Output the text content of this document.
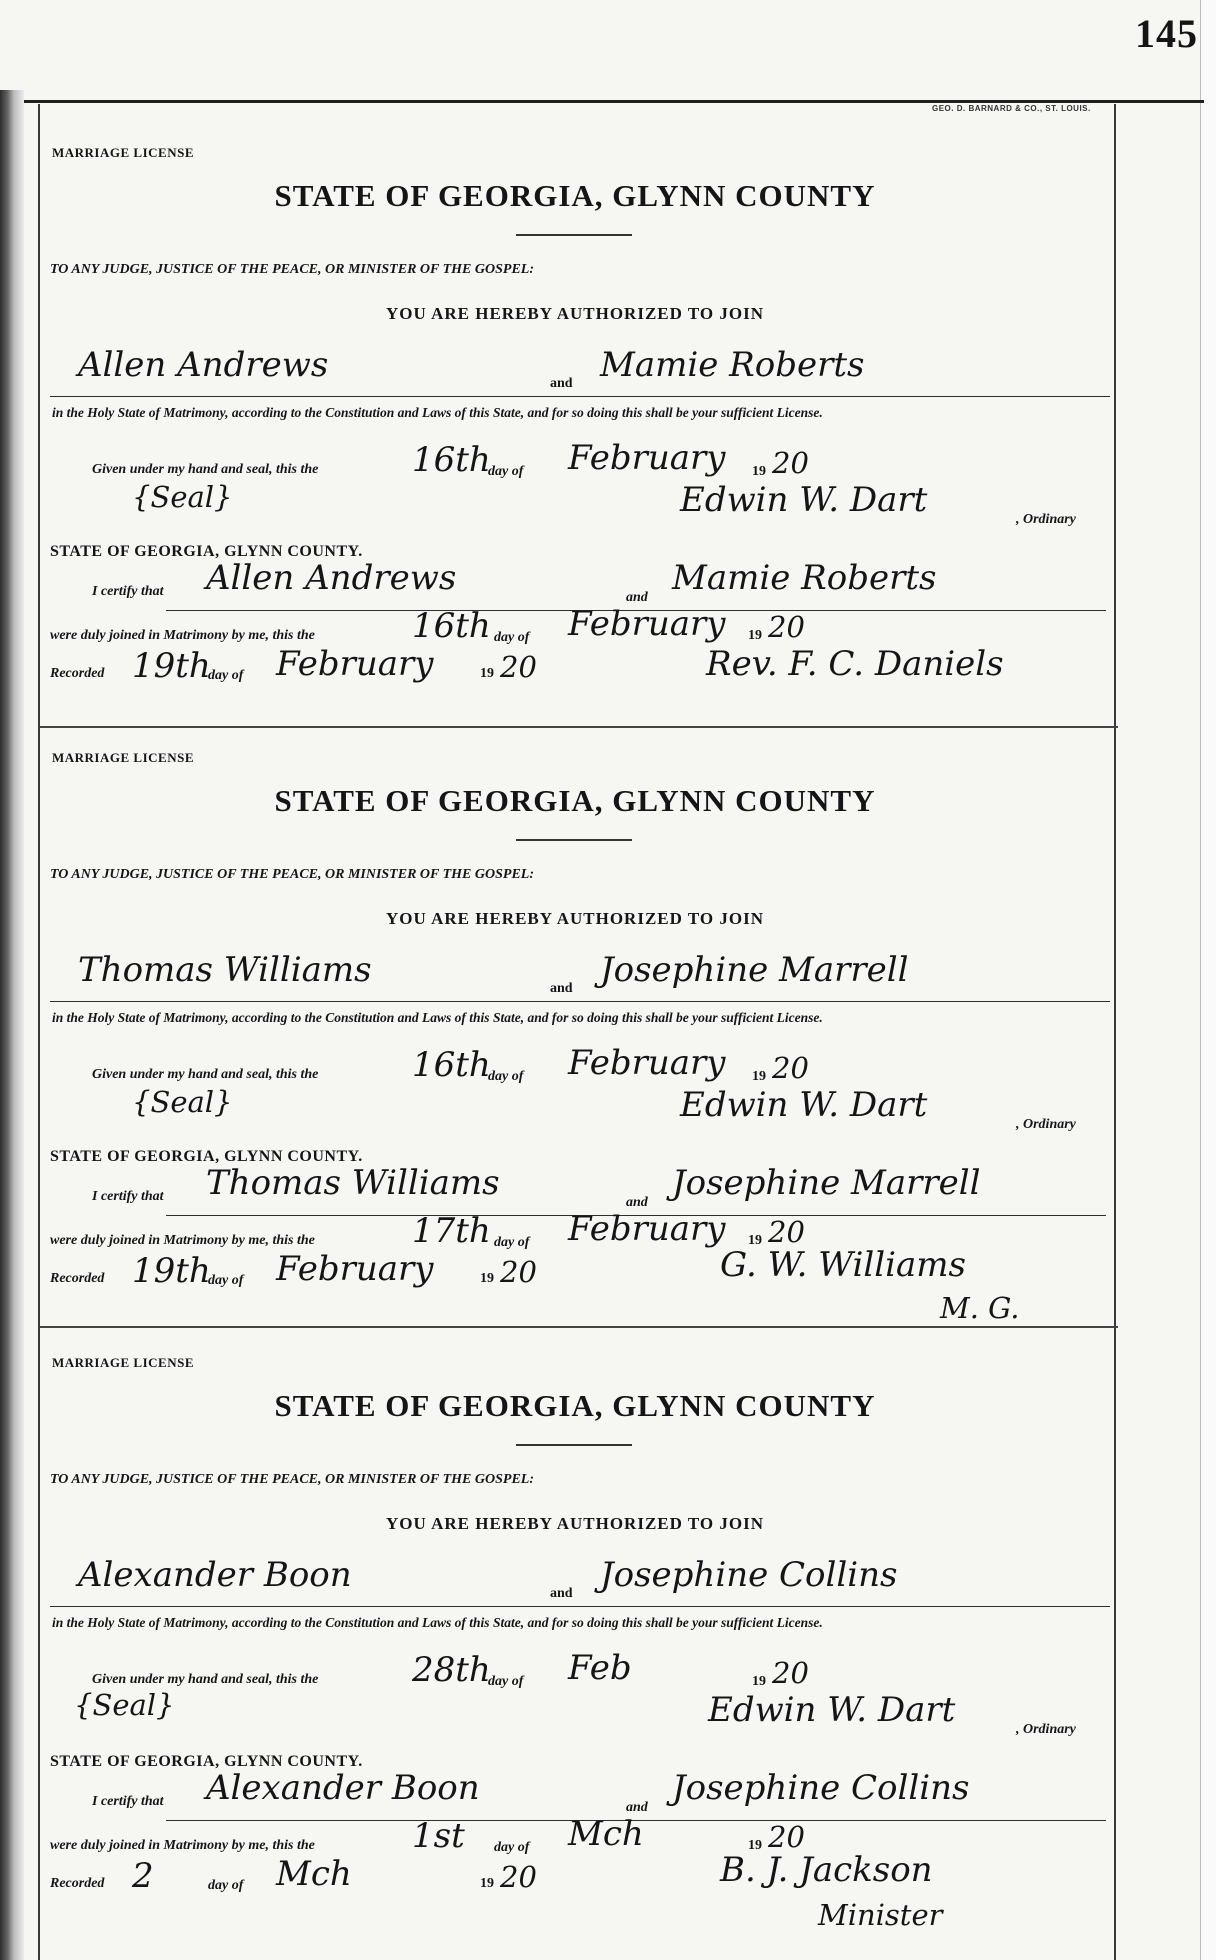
145
GEO. D. BARNARD & CO., ST. LOUIS.
MARRIAGE LICENSE
STATE OF GEORGIA, GLYNN COUNTY
TO ANY JUDGE, JUSTICE OF THE PEACE, OR MINISTER OF THE GOSPEL:
YOU ARE HEREBY AUTHORIZED TO JOIN
Allen Andrews	and Mamie Roberts
in the Holy State of Matrimony, according to the Constitution and Laws of this State, and for so doing this shall be your sufficient License.
Given under my hand and seal, this the	16th
day of February 19 20
{Seal}	Edwin W. Dart	, Ordinary
STATE OF GEORGIA, GLYNN COUNTY.
I certify that Allen Andrews	and Mamie Roberts
were duly joined in Matrimony by me, this the	16th day of February 19 20
Recorded 19th
day of February	19 20	Rev. F. C. Daniels
MARRIAGE LICENSE
STATE OF GEORGIA, GLYNN COUNTY
TO ANY JUDGE, JUSTICE OF THE PEACE, OR MINISTER OF THE GOSPEL:
YOU ARE HEREBY AUTHORIZED TO JOIN
Thomas Williams	and Josephine Marrell
in the Holy State of Matrimony, according to the Constitution and Laws of this State, and for so doing this shall be your sufficient License.
Given under my hand and seal, this the	16th
day of February 19 20
{Seal}	Edwin W. Dart	, Ordinary
STATE OF GEORGIA, GLYNN COUNTY.
I certify that Thomas Williams	and Josephine Marrell
were duly joined in Matrimony by me, this the	17th day of February 19 20
Recorded 19th
day of February	19 20	G. W. Williams
M. G.
MARRIAGE LICENSE
STATE OF GEORGIA, GLYNN COUNTY
TO ANY JUDGE, JUSTICE OF THE PEACE, OR MINISTER OF THE GOSPEL:
YOU ARE HEREBY AUTHORIZED TO JOIN
Alexander Boon	and Josephine Collins
in the Holy State of Matrimony, according to the Constitution and Laws of this State, and for so doing this shall be your sufficient License.
Given under my hand and seal, this the	28th
day of Feb	19 20
{Seal}	Edwin W. Dart	, Ordinary
STATE OF GEORGIA, GLYNN COUNTY.
I certify that Alexander Boon	and Josephine Collins
were duly joined in Matrimony by me, this the	1st day of Mch	19 20
Recorded 2	day of Mch	19 20	B. J. Jackson
Minister
